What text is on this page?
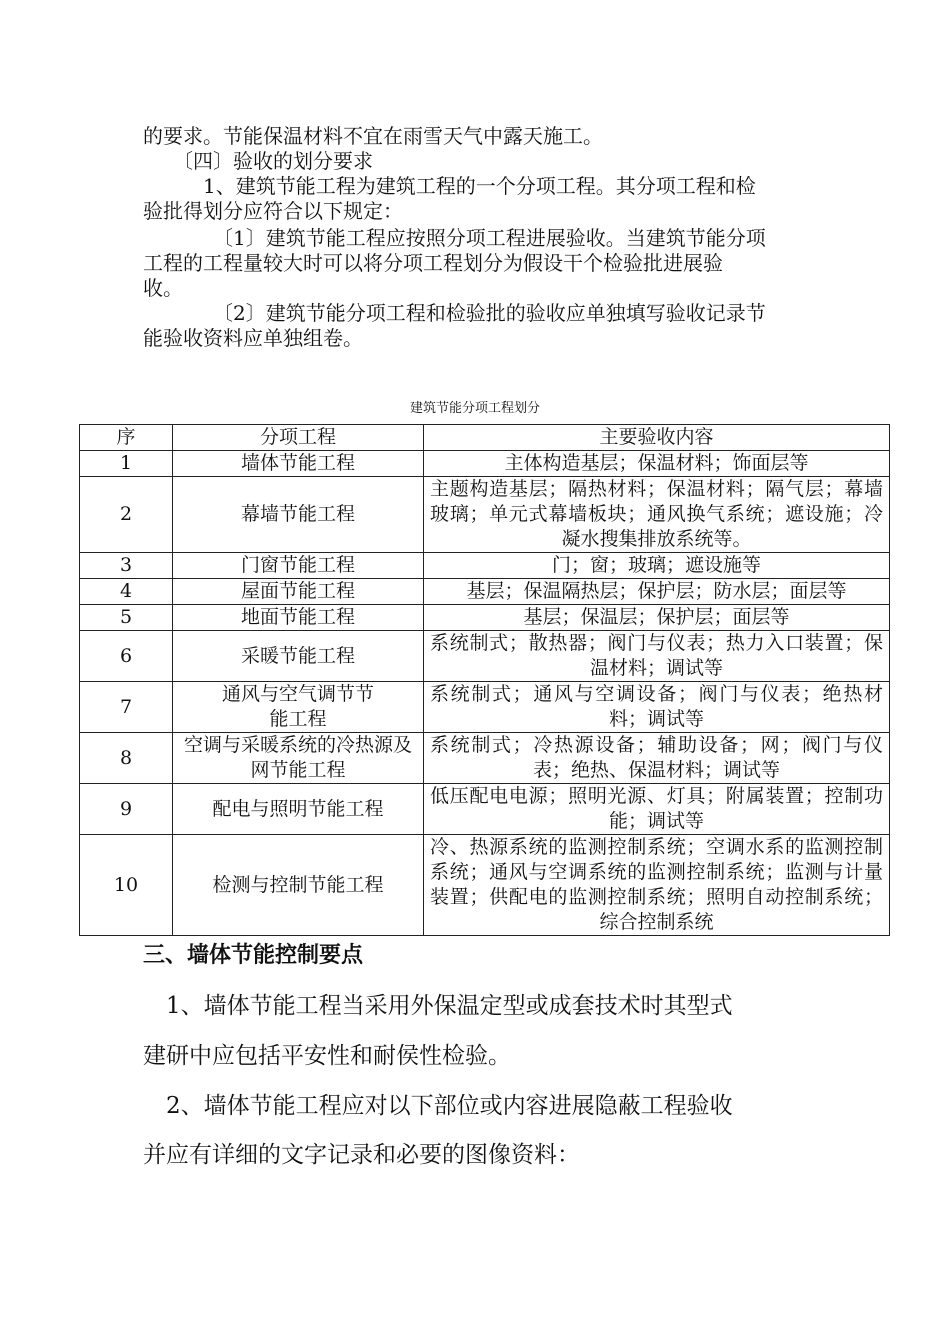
的要求。节能保温材料不宜在雨雪天气中露天施工。
　　〔四〕验收的划分要求
　　　1、建筑节能工程为建筑工程的一个分项工程。其分项工程和检
验批得划分应符合以下规定：
　　　　〔1〕建筑节能工程应按照分项工程进展验收。当建筑节能分项
工程的工程量较大时可以将分项工程划分为假设干个检验批进展验
收。
　　　　〔2〕建筑节能分项工程和检验批的验收应单独填写验收记录节
能验收资料应单独组卷。
建筑节能分项工程划分
序	分项工程	主要验收内容
1	墙体节能工程	主体构造基层；保温材料；饰面层等
2	幕墙节能工程	主题构造基层；隔热材料；保温材料；隔气层；幕墙玻璃；单元式幕墙板块；通风换气系统；遮设施；冷凝水搜集排放系统等。
3	门窗节能工程	门；窗；玻璃；遮设施等
4	屋面节能工程	基层；保温隔热层；保护层；防水层；面层等
5	地面节能工程	基层；保温层；保护层；面层等
6	采暖节能工程	系统制式；散热器；阀门与仪表；热力入口装置；保温材料；调试等
7	通风与空气调节节能工程	系统制式；通风与空调设备；阀门与仪表；绝热材料；调试等
8	空调与采暖系统的冷热源及网节能工程	系统制式；冷热源设备；辅助设备；网；阀门与仪表；绝热、保温材料；调试等
9	配电与照明节能工程	低压配电电源；照明光源、灯具；附属装置；控制功能；调试等
10	检测与控制节能工程	冷、热源系统的监测控制系统；空调水系的监测控制系统；通风与空调系统的监测控制系统；监测与计量装置；供配电的监测控制系统；照明自动控制系统；综合控制系统
三、墙体节能控制要点
　1、墙体节能工程当采用外保温定型或成套技术时其型式
建研中应包括平安性和耐侯性检验。
　2、墙体节能工程应对以下部位或内容进展隐蔽工程验收
并应有详细的文字记录和必要的图像资料：
